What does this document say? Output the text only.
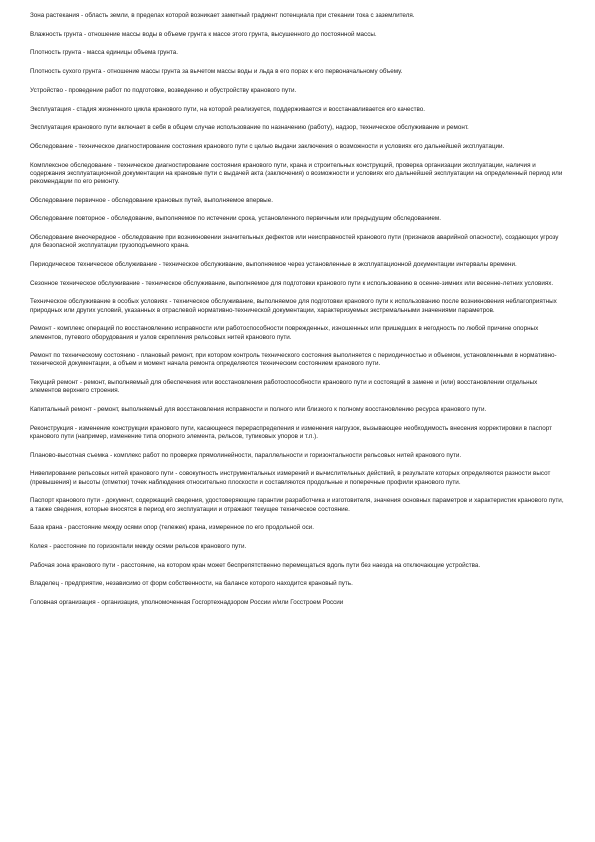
Зона растекания - область земли, в пределах которой возникает заметный градиент потенциала при стекании тока с заземлителя.

Влажность грунта - отношение массы воды в объеме грунта к массе этого грунта, высушенного до постоянной массы.

Плотность грунта - масса единицы объема грунта.

Плотность сухого грунта - отношение массы грунта за вычетом массы воды и льда в его порах к его первоначальному объему.

Устройство - проведение работ по подготовке, возведению и обустройству кранового пути.

Эксплуатация - стадия жизненного цикла кранового пути, на которой реализуется, поддерживается и восстанавливается его качество.

Эксплуатация кранового пути включает в себя в общем случае использование по назначению (работу), надзор, техническое обслуживание и ремонт.

Обследование - техническое диагностирование состояния кранового пути с целью выдачи заключения о возможности и условиях его дальнейшей эксплуатации.

Комплексное обследование - техническое диагностирование состояния кранового пути, крана и строительных конструкций, проверка организации эксплуатации, наличия и содержания эксплуатационной документации на крановые пути с выдачей акта (заключения) о возможности и условиях его дальнейшей эксплуатации на определенный период или рекомендации по его ремонту.

Обследование первичное - обследование крановых путей, выполняемое впервые.

Обследование повторное - обследование, выполняемое по истечении срока, установленного первичным или предыдущим обследованием.

Обследование внеочередное - обследование при возникновении значительных дефектов или неисправностей кранового пути (признаков аварийной опасности), создающих угрозу для безопасной эксплуатации грузоподъемного крана.

Периодическое техническое обслуживание - техническое обслуживание, выполняемое через установленные в эксплуатационной документации интервалы времени.

Сезонное техническое обслуживание - техническое обслуживание, выполняемое для подготовки кранового пути к использованию в осенне-зимних или весенне-летних условиях.

Техническое обслуживание в особых условиях - техническое обслуживание, выполняемое для подготовки кранового пути к использованию после возникновения неблагоприятных природных или других условий, указанных в отраслевой нормативно-технической документации, характеризуемых экстремальными значениями параметров.

Ремонт - комплекс операций по восстановлению исправности или работоспособности поврежденных, изношенных или пришедших в негодность по любой причине опорных элементов, путевого оборудования и узлов скрепления рельсовых нитей кранового пути.

Ремонт по техническому состоянию - плановый ремонт, при котором контроль технического состояния выполняется с периодичностью и объемом, установленными в нормативно-технической документации, а объем и момент начала ремонта определяются техническим состоянием кранового пути.

Текущий ремонт - ремонт, выполняемый для обеспечения или восстановления работоспособности кранового пути и состоящий в замене и (или) восстановлении отдельных элементов верхнего строения.

Капитальный ремонт - ремонт, выполняемый для восстановления исправности и полного или близкого к полному восстановлению ресурса кранового пути.

Реконструкция - изменение конструкции кранового пути, касающееся перераспределения и изменения нагрузок, вызывающее необходимость внесения корректировки в паспорт кранового пути (например, изменение типа опорного элемента, рельсов, тупиковых упоров и т.п.).

Планово-высотная съемка - комплекс работ по проверке прямолинейности, параллельности и горизонтальности рельсовых нитей кранового пути.

Нивелирование рельсовых нитей кранового пути - совокупность инструментальных измерений и вычислительных действий, в результате которых определяются разности высот (превышения) и высоты (отметки) точек наблюдения относительно плоскости и составляются продольные и поперечные профили кранового пути.

Паспорт кранового пути - документ, содержащий сведения, удостоверяющие гарантии разработчика и изготовителя, значения основных параметров и характеристик кранового пути, а также сведения, которые вносятся в период его эксплуатации и отражают текущее техническое состояние.

База крана - расстояние между осями опор (тележек) крана, измеренное по его продольной оси.

Колея - расстояние по горизонтали между осями рельсов кранового пути.

Рабочая зона кранового пути - расстояние, на котором кран может беспрепятственно перемещаться вдоль пути без наезда на отключающие устройства.

Владелец - предприятие, независимо от форм собственности, на балансе которого находится крановый путь.

Головная организация - организация, уполномоченная Госгортехнадзором России и/или Госстроем России
